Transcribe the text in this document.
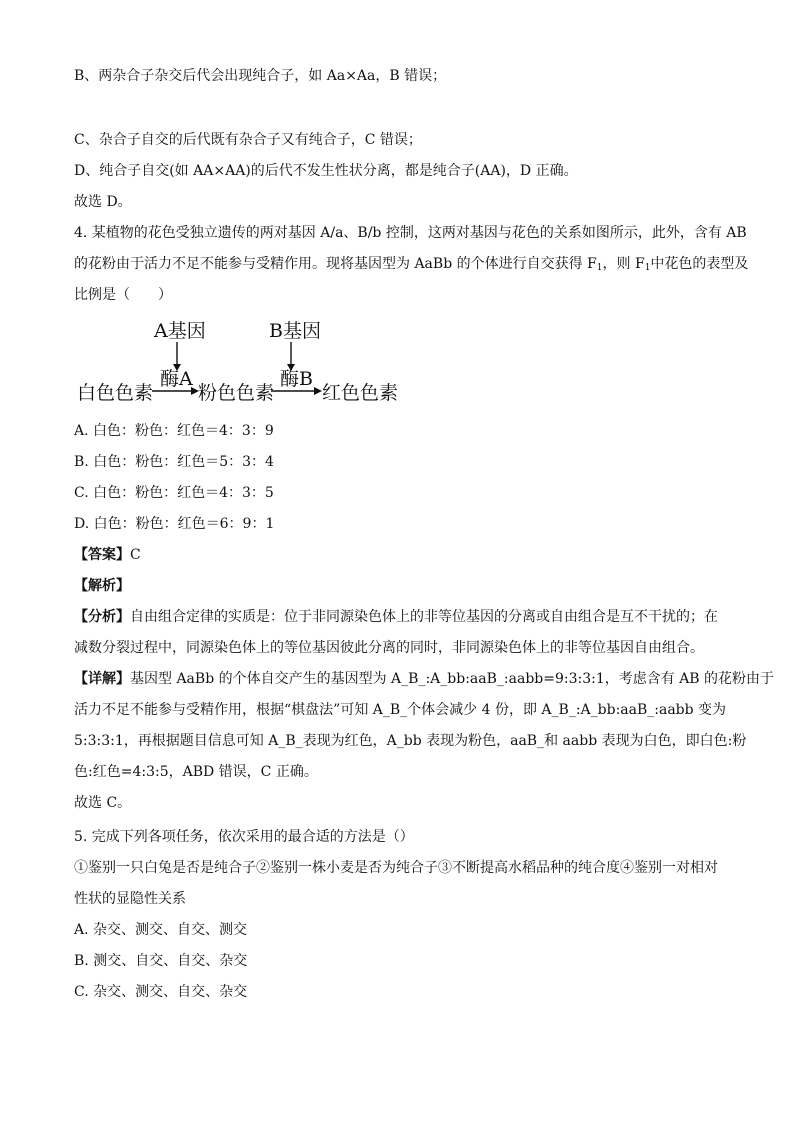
B、两杂合子杂交后代会出现纯合子，如 Aa×Aa，B 错误；
C、杂合子自交的后代既有杂合子又有纯合子，C 错误；
D、纯合子自交(如 AA×AA)的后代不发生性状分离，都是纯合子(AA)，D 正确。
故选 D。
4. 某植物的花色受独立遗传的两对基因 A/a、B/b 控制，这两对基因与花色的关系如图所示，此外，含有 AB
的花粉由于活力不足不能参与受精作用。现将基因型为 AaBb 的个体进行自交获得 $F_1$，则 $F_1$中花色的表型及
比例是（　　）
A基因	B基因
酶A	酶B
白色色素 粉色色素	红色色素
A. 白色：粉色：红色＝4：3：9
B. 白色：粉色：红色＝5：3：4
C. 白色：粉色：红色＝4：3：5
D. 白色：粉色：红色＝6：9：1
【答案】C
【解析】
【分析】自由组合定律的实质是：位于非同源染色体上的非等位基因的分离或自由组合是互不干扰的；在
减数分裂过程中，同源染色体上的等位基因彼此分离的同时，非同源染色体上的非等位基因自由组合。
【详解】基因型 AaBb 的个体自交产生的基因型为 A_B_:A_bb:aaB_:aabb=9:3:3:1，考虑含有 AB 的花粉由于
活力不足不能参与受精作用，根据“棋盘法”可知 A_B_个体会减少 4 份，即 A_B_:A_bb:aaB_:aabb 变为
5:3:3:1，再根据题目信息可知 A_B_表现为红色，A_bb 表现为粉色，aaB_和 aabb 表现为白色，即白色:粉
色:红色=4:3:5，ABD 错误，C 正确。
故选 C。
5. 完成下列各项任务，依次采用的最合适的方法是（）
①鉴别一只白兔是否是纯合子②鉴别一株小麦是否为纯合子③不断提高水稻品种的纯合度④鉴别一对相对
性状的显隐性关系
A. 杂交、测交、自交、测交
B. 测交、自交、自交、杂交
C. 杂交、测交、自交、杂交
